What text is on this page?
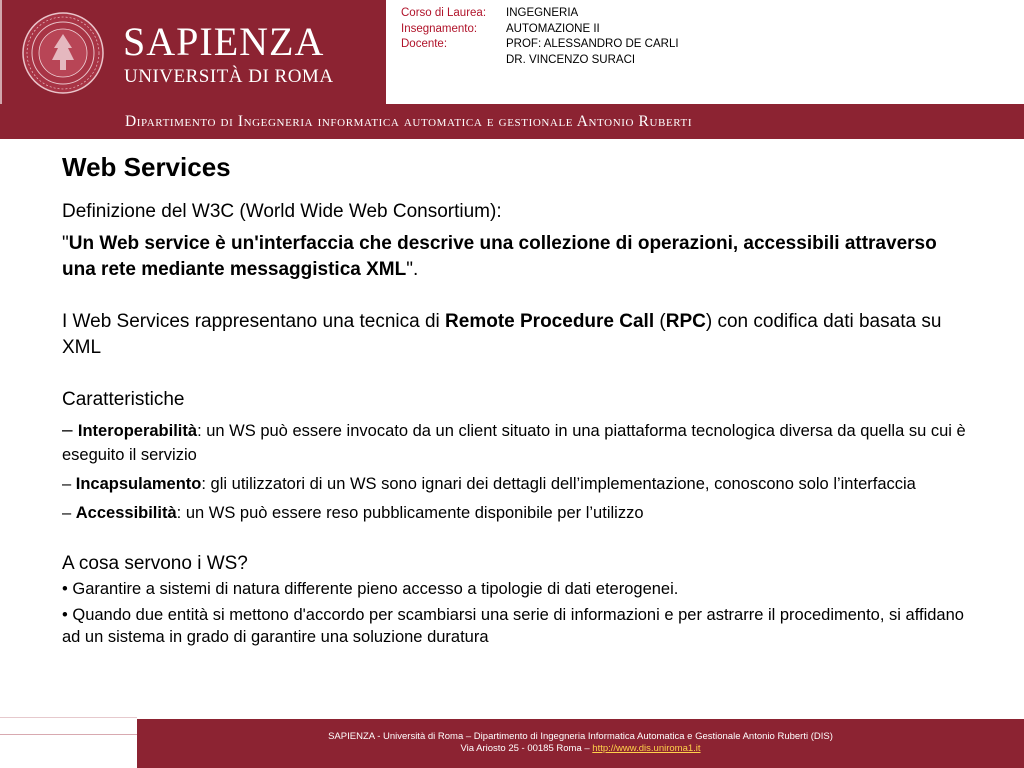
SAPIENZA
UNIVERSITÀ DI ROMA
Corso di Laurea:	INGEGNERIA
Insegnamento:	AUTOMAZIONE II
Docente:	PROF: ALESSANDRO DE CARLI
DR. VINCENZO SURACI
Dipartimento di Ingegneria informatica automatica e gestionale Antonio Ruberti
Web Services

Definizione del W3C (World Wide Web Consortium):

"Un Web service è un'interfaccia che descrive una collezione di operazioni, accessibili attraverso una rete mediante messaggistica XML".

I Web Services rappresentano una tecnica di Remote Procedure Call (RPC) con codifica dati basata su XML

Caratteristiche

– Interoperabilità: un WS può essere invocato da un client situato in una piattaforma tecnologica diversa da quella su cui è eseguito il servizio

– Incapsulamento: gli utilizzatori di un WS sono ignari dei dettagli dell’implementazione, conoscono solo l’interfaccia

– Accessibilità: un WS può essere reso pubblicamente disponibile per l’utilizzo

A cosa servono i WS?

• Garantire a sistemi di natura differente pieno accesso a tipologie di dati eterogenei.

• Quando due entità si mettono d'accordo per scambiarsi una serie di informazioni e per astrarre il procedimento, si affidano ad un sistema in grado di garantire una soluzione duratura

SAPIENZA - Università di Roma – Dipartimento di Ingegneria Informatica Automatica e Gestionale Antonio Ruberti (DIS)
Via Ariosto 25 - 00185 Roma – http://www.dis.uniroma1.it
